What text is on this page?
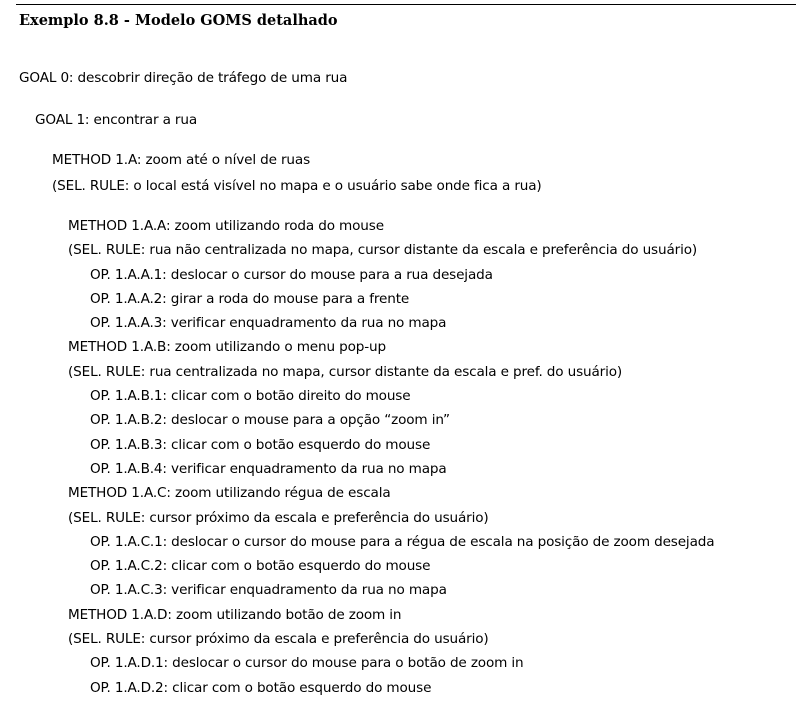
Exemplo 8.8 - Modelo GOMS detalhado
GOAL 0: descobrir direção de tráfego de uma rua
GOAL 1: encontrar a rua
METHOD 1.A: zoom até o nível de ruas
(SEL. RULE: o local está visível no mapa e o usuário sabe onde fica a rua)
METHOD 1.A.A: zoom utilizando roda do mouse
(SEL. RULE: rua não centralizada no mapa, cursor distante da escala e preferência do usuário)
OP. 1.A.A.1: deslocar o cursor do mouse para a rua desejada
OP. 1.A.A.2: girar a roda do mouse para a frente
OP. 1.A.A.3: verificar enquadramento da rua no mapa
METHOD 1.A.B: zoom utilizando o menu pop-up
(SEL. RULE: rua centralizada no mapa, cursor distante da escala e pref. do usuário)
OP. 1.A.B.1: clicar com o botão direito do mouse
OP. 1.A.B.2: deslocar o mouse para a opção “zoom in”
OP. 1.A.B.3: clicar com o botão esquerdo do mouse
OP. 1.A.B.4: verificar enquadramento da rua no mapa
METHOD 1.A.C: zoom utilizando régua de escala
(SEL. RULE: cursor próximo da escala e preferência do usuário)
OP. 1.A.C.1: deslocar o cursor do mouse para a régua de escala na posição de zoom desejada
OP. 1.A.C.2: clicar com o botão esquerdo do mouse
OP. 1.A.C.3: verificar enquadramento da rua no mapa
METHOD 1.A.D: zoom utilizando botão de zoom in
(SEL. RULE: cursor próximo da escala e preferência do usuário)
OP. 1.A.D.1: deslocar o cursor do mouse para o botão de zoom in
OP. 1.A.D.2: clicar com o botão esquerdo do mouse
